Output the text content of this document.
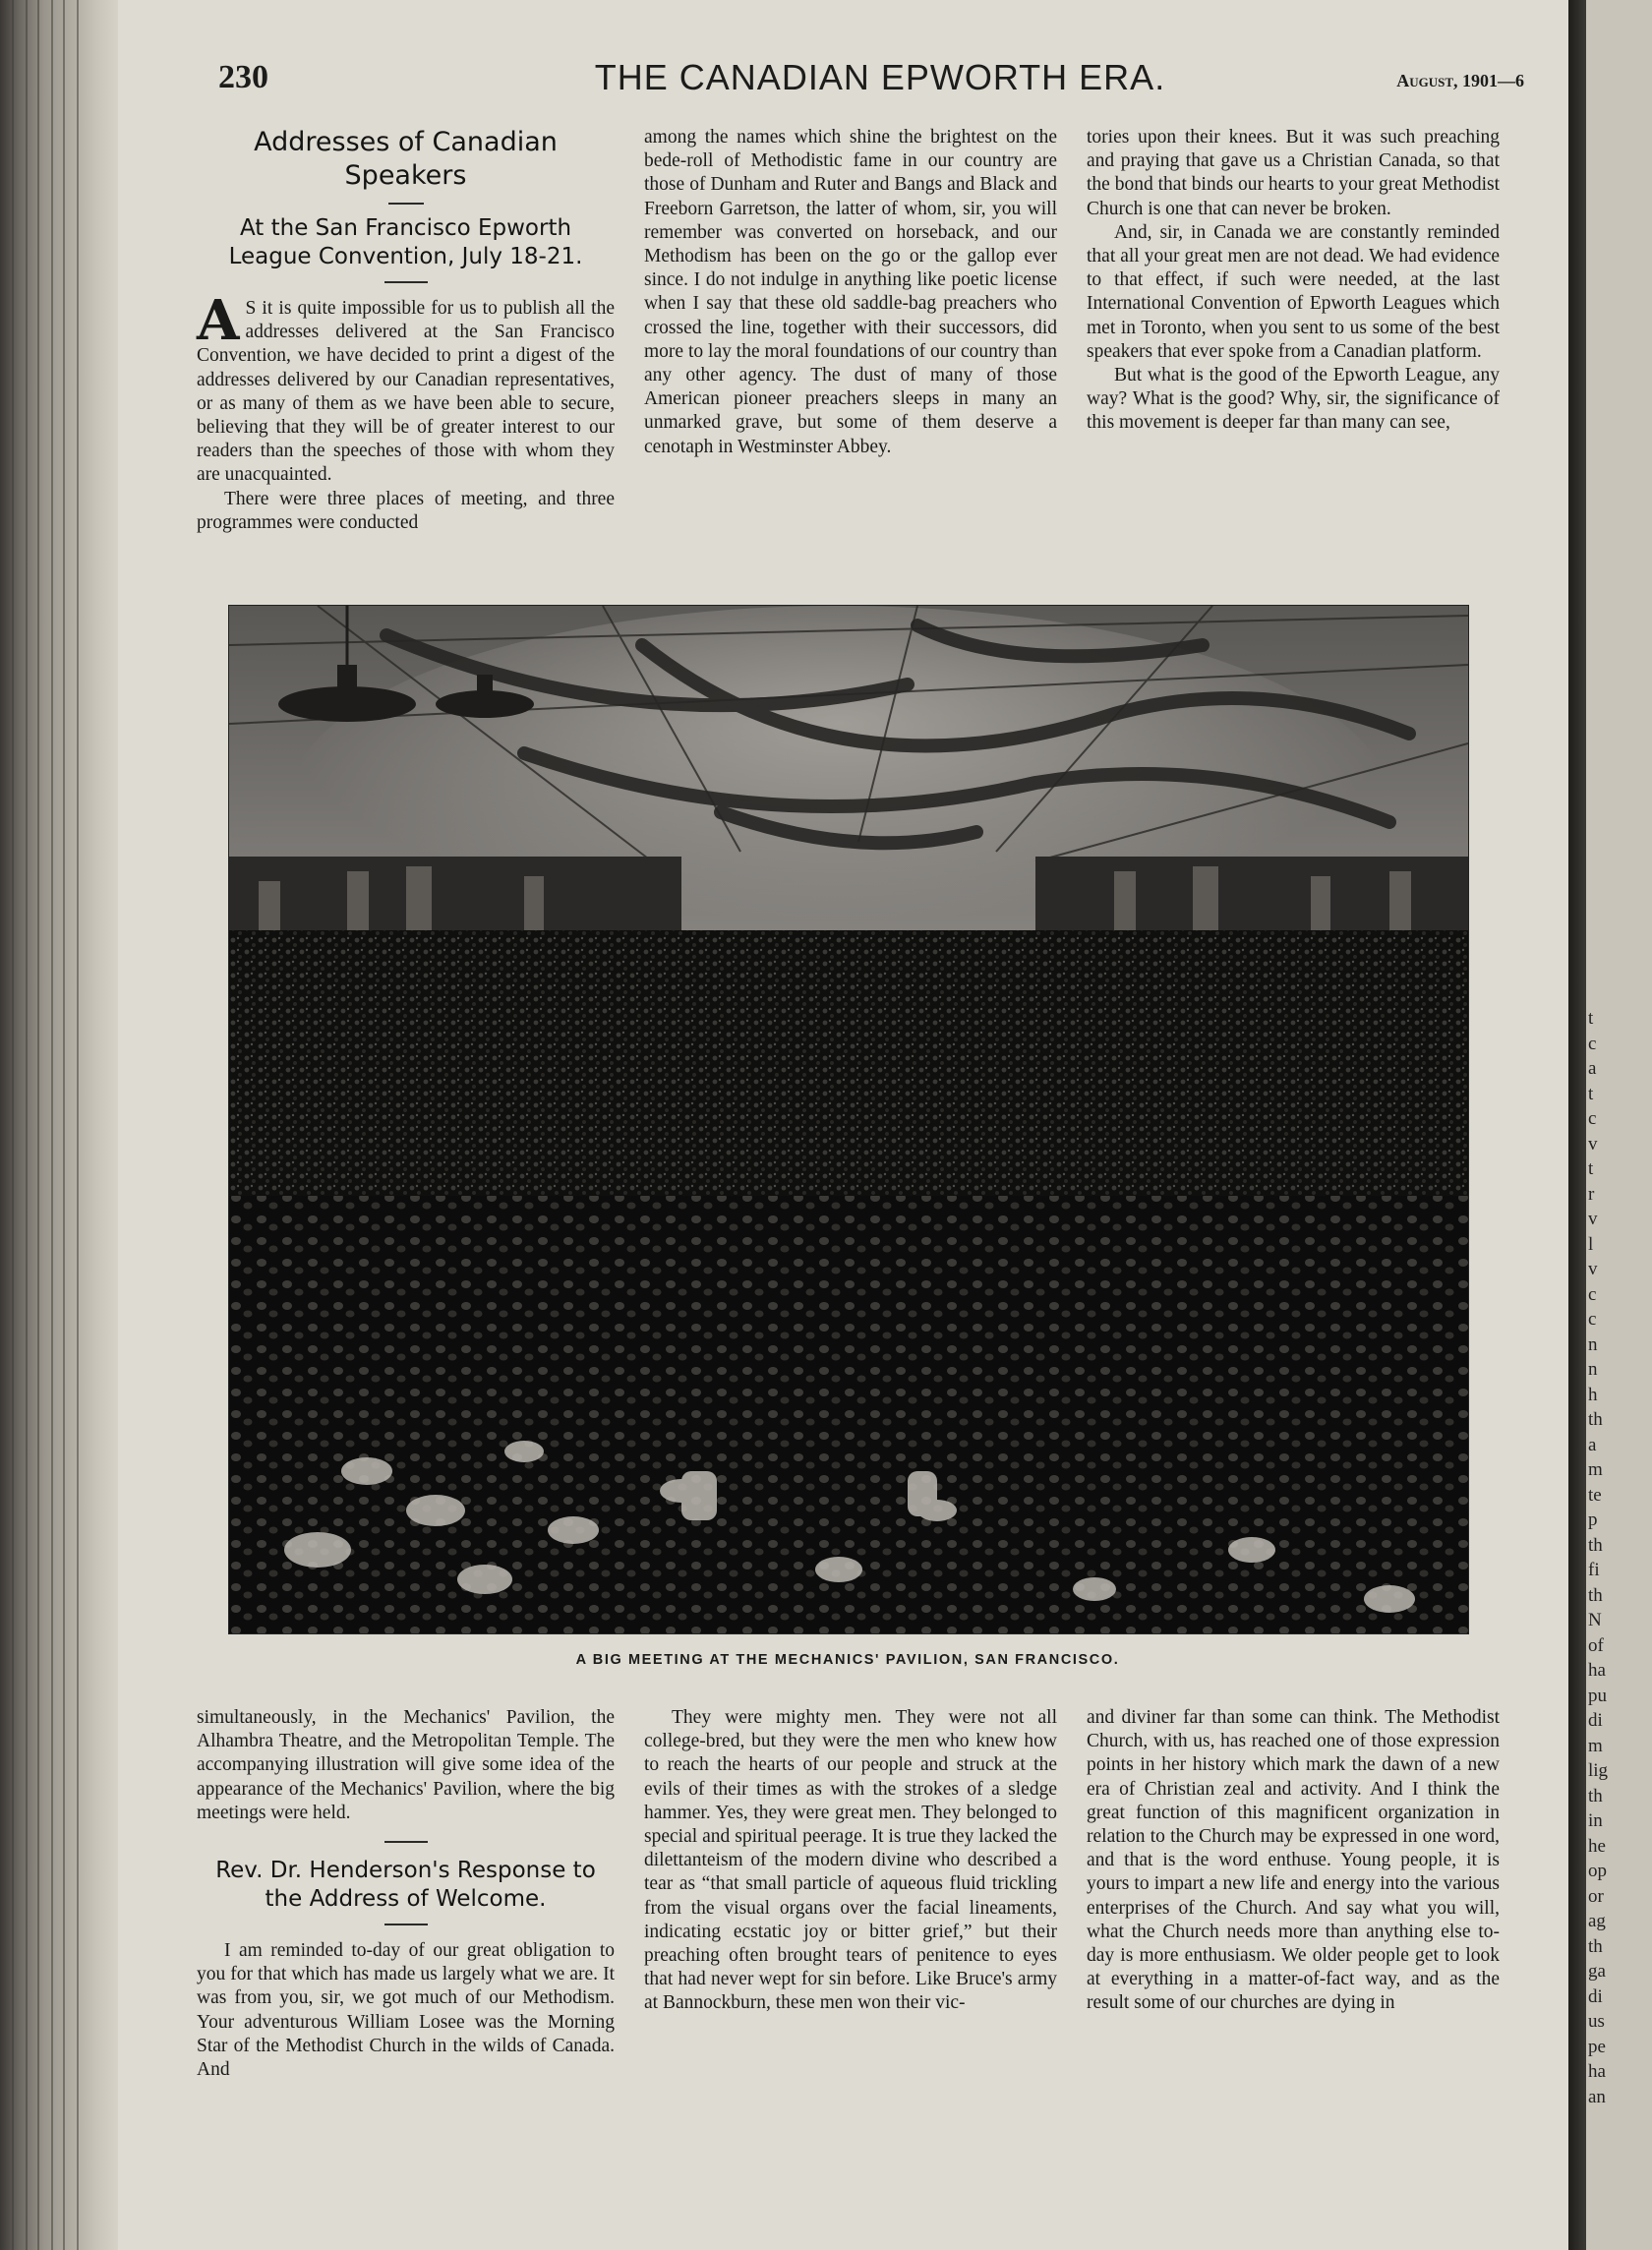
230	THE CANADIAN EPWORTH ERA.	August, 1901—6
Addresses of Canadian Speakers
At the San Francisco Epworth League Convention, July 18-21.

A S it is quite impossible for us to publish all the addresses delivered at the San Francisco Convention, we have decided to print a digest of the addresses delivered by our Canadian representatives, or as many of them as we have been able to secure, believing that they will be of greater interest to our readers than the speeches of those with whom they are unacquainted.

There were three places of meeting, and three programmes were conducted

among the names which shine the brightest on the bede-roll of Methodistic fame in our country are those of Dunham and Ruter and Bangs and Black and Freeborn Garretson, the latter of whom, sir, you will remember was converted on horseback, and our Methodism has been on the go or the gallop ever since. I do not indulge in anything like poetic license when I say that these old saddle-bag preachers who crossed the line, together with their successors, did more to lay the moral foundations of our country than any other agency. The dust of many of those American pioneer preachers sleeps in many an unmarked grave, but some of them deserve a cenotaph in Westminster Abbey.

tories upon their knees. But it was such preaching and praying that gave us a Christian Canada, so that the bond that binds our hearts to your great Methodist Church is one that can never be broken.

And, sir, in Canada we are constantly reminded that all your great men are not dead. We had evidence to that effect, if such were needed, at the last International Convention of Epworth Leagues which met in Toronto, when you sent to us some of the best speakers that ever spoke from a Canadian platform.

But what is the good of the Epworth League, any way? What is the good? Why, sir, the significance of this movement is deeper far than many can see,

A BIG MEETING AT THE MECHANICS' PAVILION, SAN FRANCISCO.

simultaneously, in the Mechanics' Pavilion, the Alhambra Theatre, and the Metropolitan Temple. The accompanying illustration will give some idea of the appearance of the Mechanics' Pavilion, where the big meetings were held.

Rev. Dr. Henderson's Response to the Address of Welcome.

I am reminded to-day of our great obligation to you for that which has made us largely what we are. It was from you, sir, we got much of our Methodism. Your adventurous William Losee was the Morning Star of the Methodist Church in the wilds of Canada. And

They were mighty men. They were not all college-bred, but they were the men who knew how to reach the hearts of our people and struck at the evils of their times as with the strokes of a sledge hammer. Yes, they were great men. They belonged to special and spiritual peerage. It is true they lacked the dilettanteism of the modern divine who described a tear as “that small particle of aqueous fluid trickling from the visual organs over the facial lineaments, indicating ecstatic joy or bitter grief,” but their preaching often brought tears of penitence to eyes that had never wept for sin before. Like Bruce's army at Bannockburn, these men won their vic-

and diviner far than some can think. The Methodist Church, with us, has reached one of those expression points in her history which mark the dawn of a new era of Christian zeal and activity. And I think the great function of this magnificent organization in relation to the Church may be expressed in one word, and that is the word enthuse. Young people, it is yours to impart a new life and energy into the various enterprises of the Church. And say what you will, what the Church needs more than anything else to-day is more enthusiasm. We older people get to look at everything in a matter-of-fact way, and as the result some of our churches are dying in

t
c
a
t
c
v
t
r
v
l
v
c
c
n
n
h
th
a
m
te
p
th
fi
th
N
of
ha
pu
di
m
lig
th
in
he
op
or
ag
th
ga
di
us
pe
ha
an
